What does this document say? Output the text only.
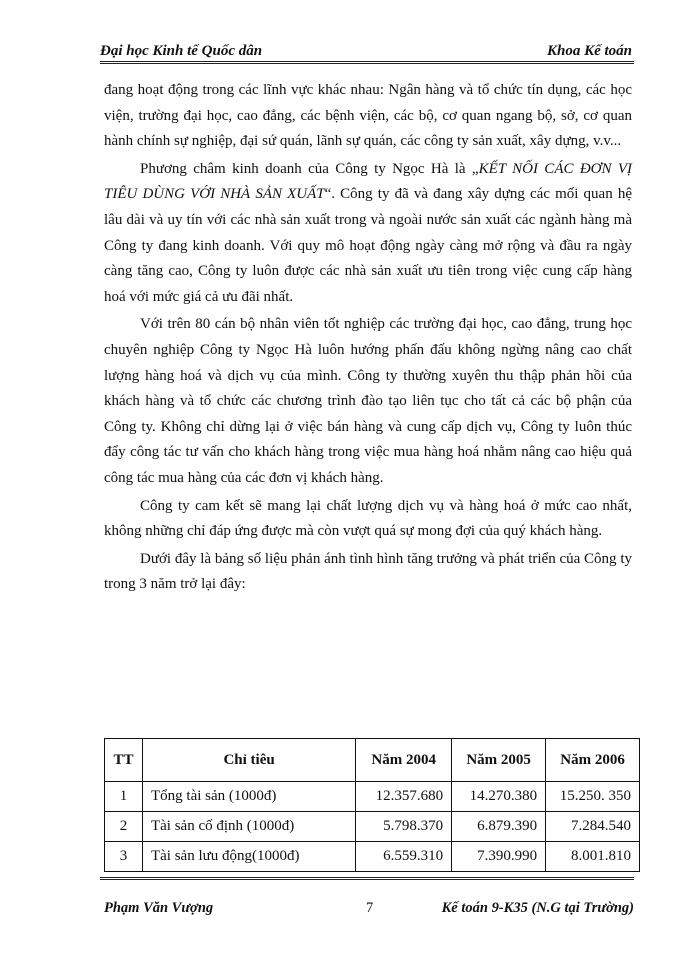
Đại học Kinh tế Quốc dân	Khoa Kế toán

đang hoạt động trong các lĩnh vực khác nhau: Ngân hàng và tổ chức tín dụng, các học viện, trường đại học, cao đẳng, các bệnh viện, các bộ, cơ quan ngang bộ, sở, cơ quan hành chính sự nghiệp, đại sứ quán, lãnh sự quán, các công ty sản xuất, xây dựng, v.v...

Phương châm kinh doanh của Công ty Ngọc Hà là „KẾT NỐI CÁC ĐƠN VỊ TIÊU DÙNG VỚI NHÀ SẢN XUẤT“. Công ty đã và đang xây dựng các mối quan hệ lâu dài và uy tín với các nhà sản xuất trong và ngoài nước sản xuất các ngành hàng mà Công ty đang kinh doanh. Với quy mô hoạt động ngày càng mở rộng và đầu ra ngày càng tăng cao, Công ty luôn được các nhà sản xuất ưu tiên trong việc cung cấp hàng hoá với mức giá cả ưu đãi nhất.

Với trên 80 cán bộ nhân viên tốt nghiệp các trường đại học, cao đẳng, trung học chuyên nghiệp Công ty Ngọc Hà luôn hướng phấn đấu không ngừng nâng cao chất lượng hàng hoá và dịch vụ của mình. Công ty thường xuyên thu thập phản hồi của khách hàng và tổ chức các chương trình đào tạo liên tục cho tất cả các bộ phận của Công ty. Không chỉ dừng lại ở việc bán hàng và cung cấp dịch vụ, Công ty luôn thúc đẩy công tác tư vấn cho khách hàng trong việc mua hàng hoá nhằm nâng cao hiệu quả công tác mua hàng của các đơn vị khách hàng.

Công ty cam kết sẽ mang lại chất lượng dịch vụ và hàng hoá ở mức cao nhất, không những chỉ đáp ứng được mà còn vượt quá sự mong đợi của quý khách hàng.

Dưới đây là bảng số liệu phản ánh tình hình tăng trưởng và phát triển của Công ty trong 3 năm trở lại đây:

TT	Chỉ tiêu	Năm 2004	Năm 2005	Năm 2006
1	Tổng tài sản (1000đ)	12.357.680	14.270.380	15.250. 350
2	Tài sản cố định (1000đ)	5.798.370	6.879.390	7.284.540
3	Tài sản lưu động(1000đ)	6.559.310	7.390.990	8.001.810
Phạm Văn Vượng	7	Kế toán 9-K35 (N.G tại Trường)
